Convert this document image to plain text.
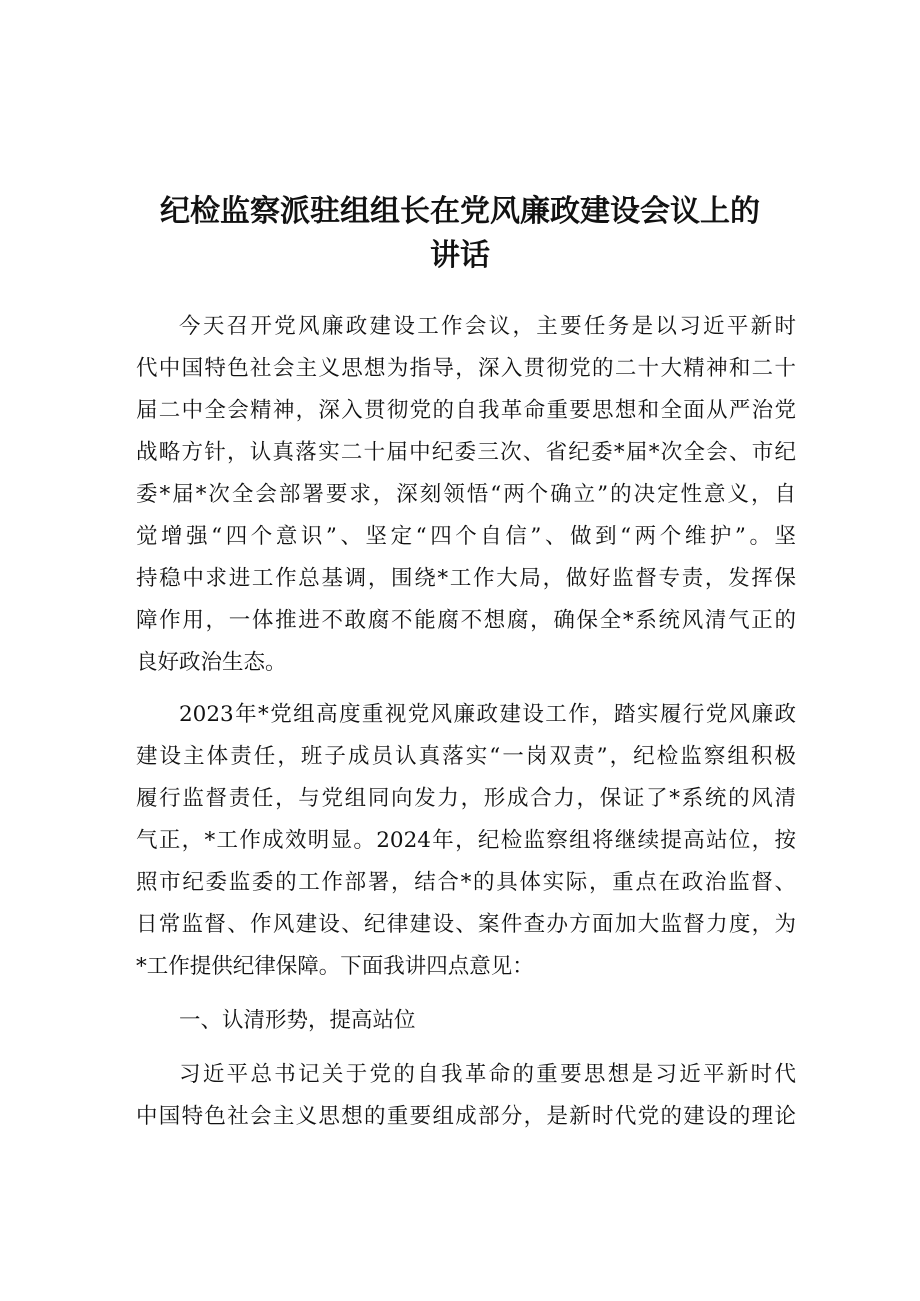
纪检监察派驻组组长在党风廉政建设会议上的
讲话

今天召开党风廉政建设工作会议，主要任务是以习近平新时

代中国特色社会主义思想为指导，深入贯彻党的二十大精神和二十

届二中全会精神，深入贯彻党的自我革命重要思想和全面从严治党

战略方针，认真落实二十届中纪委三次、省纪委*届*次全会、市纪

委*届*次全会部署要求，深刻领悟“两个确立”的决定性意义，自

觉增强“四个意识”、坚定“四个自信”、做到“两个维护”。坚

持稳中求进工作总基调，围绕*工作大局，做好监督专责，发挥保

障作用，一体推进不敢腐不能腐不想腐，确保全*系统风清气正的

良好政治生态。

2023年*党组高度重视党风廉政建设工作，踏实履行党风廉政

建设主体责任，班子成员认真落实“一岗双责”，纪检监察组积极

履行监督责任，与党组同向发力，形成合力，保证了*系统的风清

气正，*工作成效明显。2024年，纪检监察组将继续提高站位，按

照市纪委监委的工作部署，结合*的具体实际，重点在政治监督、

日常监督、作风建设、纪律建设、案件查办方面加大监督力度，为

*工作提供纪律保障。下面我讲四点意见：

一、认清形势，提高站位

习近平总书记关于党的自我革命的重要思想是习近平新时代

中国特色社会主义思想的重要组成部分，是新时代党的建设的理论
